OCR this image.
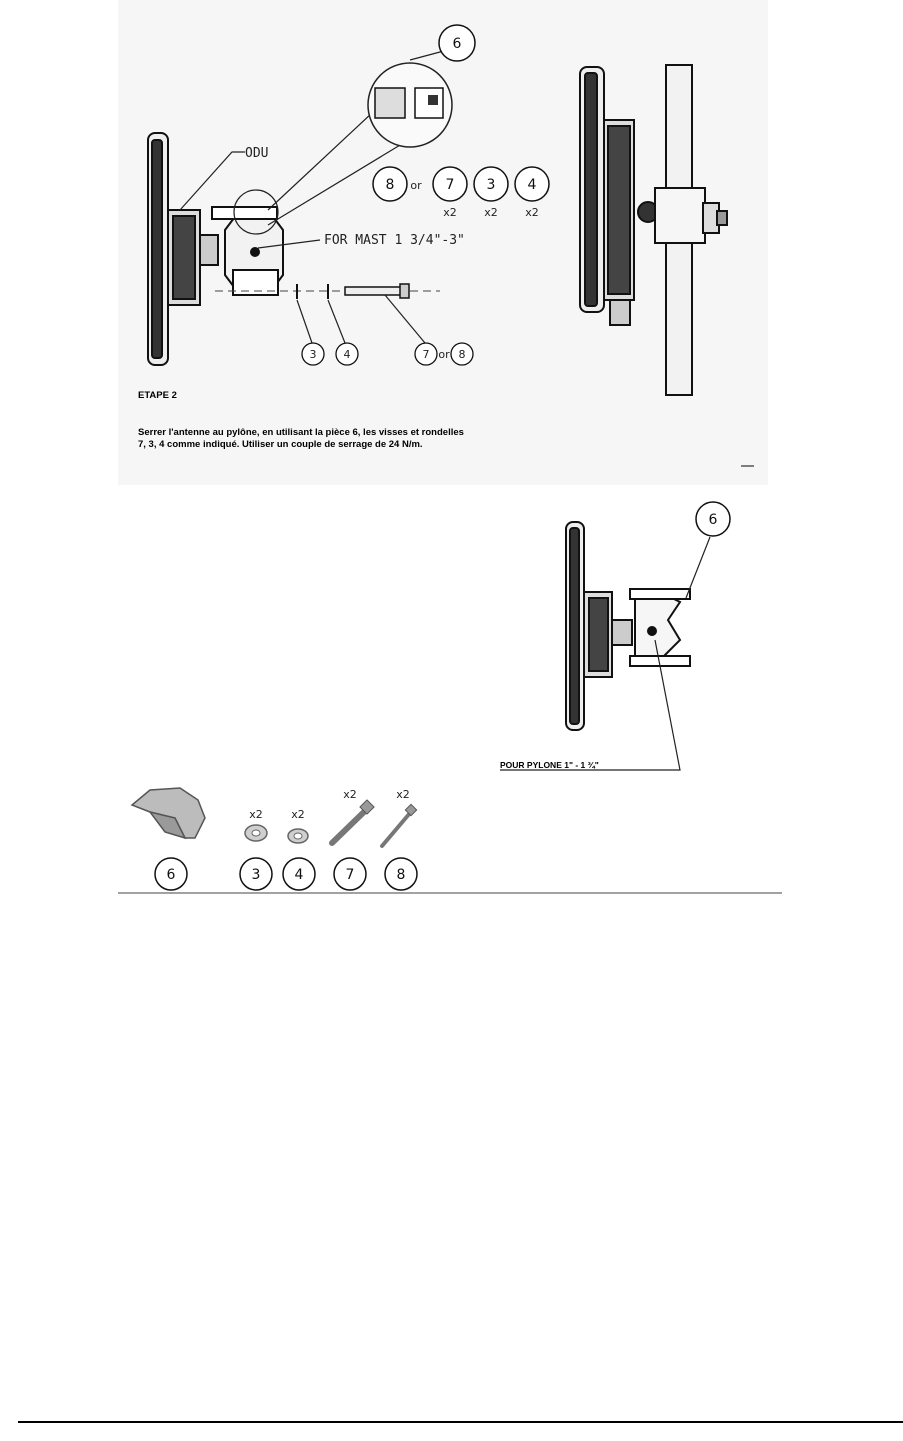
ODU
FOR MAST 1 3/4"-3"
6
8 or 7
x2
3
x2
4
x2
3 4	7 or 8
6
x2	x2
x2	x2
6	3 4	7	8
ETAPE 2
Serrer l'antenne au pylône, en utilisant la pièce 6, les visses et rondelles
7, 3, 4 comme indiqué. Utiliser un couple de serrage de 24 N/m.
POUR PYLONE 1" - 1 ¾"
